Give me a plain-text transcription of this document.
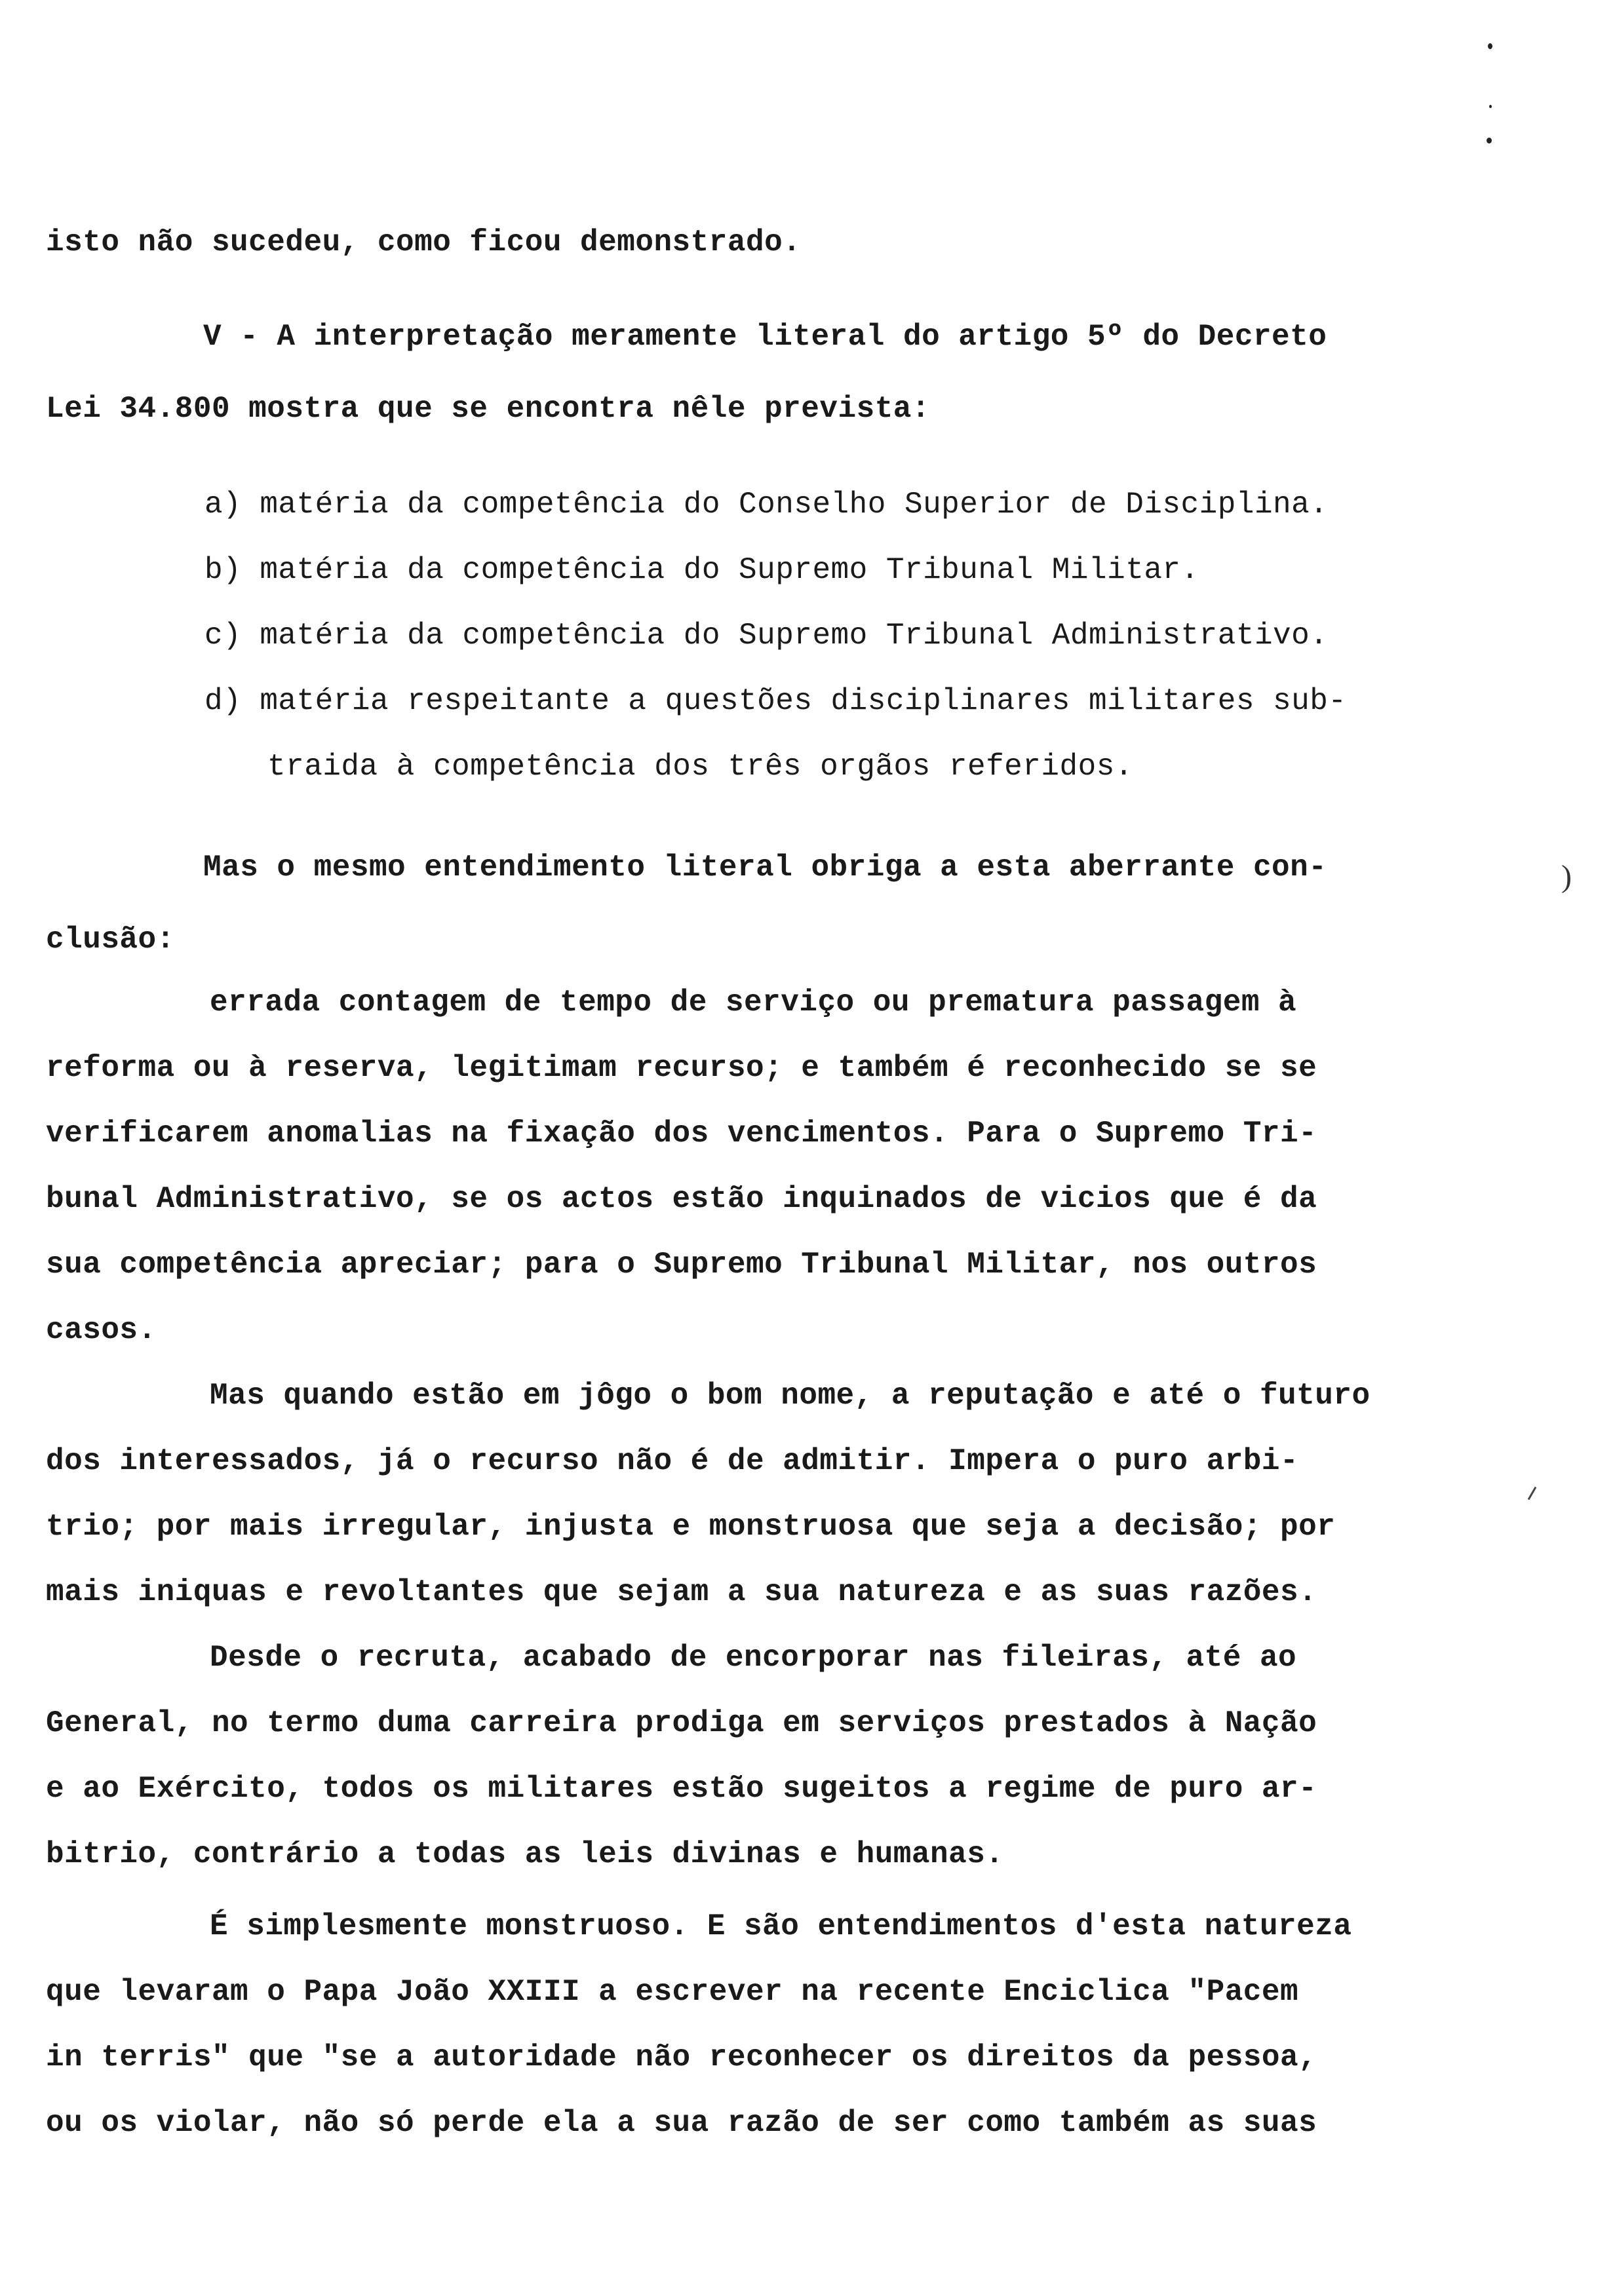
isto não sucedeu, como ficou demonstrado.
V - A interpretação meramente literal do artigo 5º do Decreto
Lei 34.800 mostra que se encontra nêle prevista:
a) matéria da competência do Conselho Superior de Disciplina.
b) matéria da competência do Supremo Tribunal Militar.
c) matéria da competência do Supremo Tribunal Administrativo.
d) matéria respeitante a questões disciplinares militares sub-
traida à competência dos três orgãos referidos.
Mas o mesmo entendimento literal obriga a esta aberrante con-	)
clusão:
errada contagem de tempo de serviço ou prematura passagem à
reforma ou à reserva, legitimam recurso; e também é reconhecido se se
verificarem anomalias na fixação dos vencimentos. Para o Supremo Tri-
bunal Administrativo, se os actos estão inquinados de vicios que é da
sua competência apreciar; para o Supremo Tribunal Militar, nos outros
casos.
Mas quando estão em jôgo o bom nome, a reputação e até o futuro
dos interessados, já o recurso não é de admitir. Impera o puro arbi-
trio; por mais irregular, injusta e monstruosa que seja a decisão; por
mais iniquas e revoltantes que sejam a sua natureza e as suas razões.
Desde o recruta, acabado de encorporar nas fileiras, até ao
General, no termo duma carreira prodiga em serviços prestados à Nação
e ao Exército, todos os militares estão sugeitos a regime de puro ar-
bitrio, contrário a todas as leis divinas e humanas.
É simplesmente monstruoso. E são entendimentos d'esta natureza
que levaram o Papa João XXIII a escrever na recente Enciclica "Pacem
in terris" que "se a autoridade não reconhecer os direitos da pessoa,
ou os violar, não só perde ela a sua razão de ser como também as suas
